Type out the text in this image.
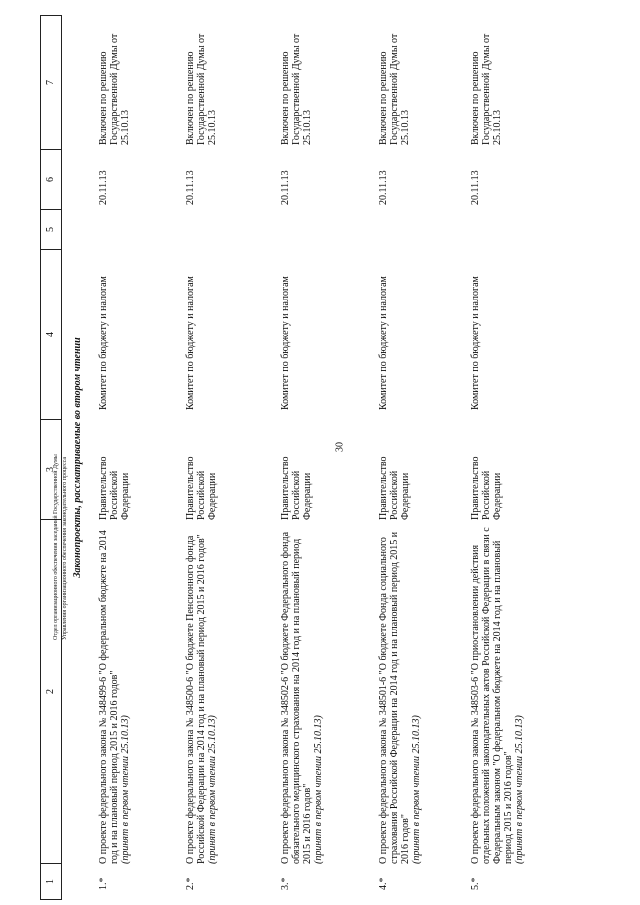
30
1
2
3
4
5
6
7
Законопроекты, рассматриваемые во втором чтении
1.*
О проекте федерального закона № 348499-6 "О федеральном бюджете на 2014 год и на плановый период 2015 и 2016 годов"
(принят в первом чтении 25.10.13)
Правительство Российской Федерации
Комитет по бюджету и налогам
20.11.13
Включен по решению Государственной Думы от 25.10.13
2.*
О проекте федерального закона № 348500-6 "О бюджете Пенсионного фонда Российской Федерации на 2014 год и на плановый период 2015 и 2016 годов"
(принят в первом чтении 25.10.13)
Правительство Российской Федерации
Комитет по бюджету и налогам
20.11.13
Включен по решению Государственной Думы от 25.10.13
3.*
О проекте федерального закона № 348502-6 "О бюджете Федерального фонда обязательного медицинского страхования на 2014 год и на плановый период 2015 и 2016 годов"
(принят в первом чтении 25.10.13)
Правительство Российской Федерации
Комитет по бюджету и налогам
20.11.13
Включен по решению Государственной Думы от 25.10.13
4.*
О проекте федерального закона № 348501-6 "О бюджете Фонда социального страхования Российской Федерации на 2014 год и на плановый период 2015 и 2016 годов"
(принят в первом чтении 25.10.13)
Правительство Российской Федерации
Комитет по бюджету и налогам
20.11.13
Включен по решению Государственной Думы от 25.10.13
5.*
О проекте федерального закона № 348503-6 "О приостановлении действия отдельных положений законодательных актов Российской Федерации в связи с Федеральным законом "О федеральном бюджете на 2014 год и на плановый период 2015 и 2016 годов"
(принят в первом чтении 25.10.13)
Правительство Российской Федерации
Комитет по бюджету и налогам
20.11.13
Включен по решению Государственной Думы от 25.10.13
Отдел организационного обеспечения заседаний Государственной Думы Управления организационного обеспечения законодательного процесса
